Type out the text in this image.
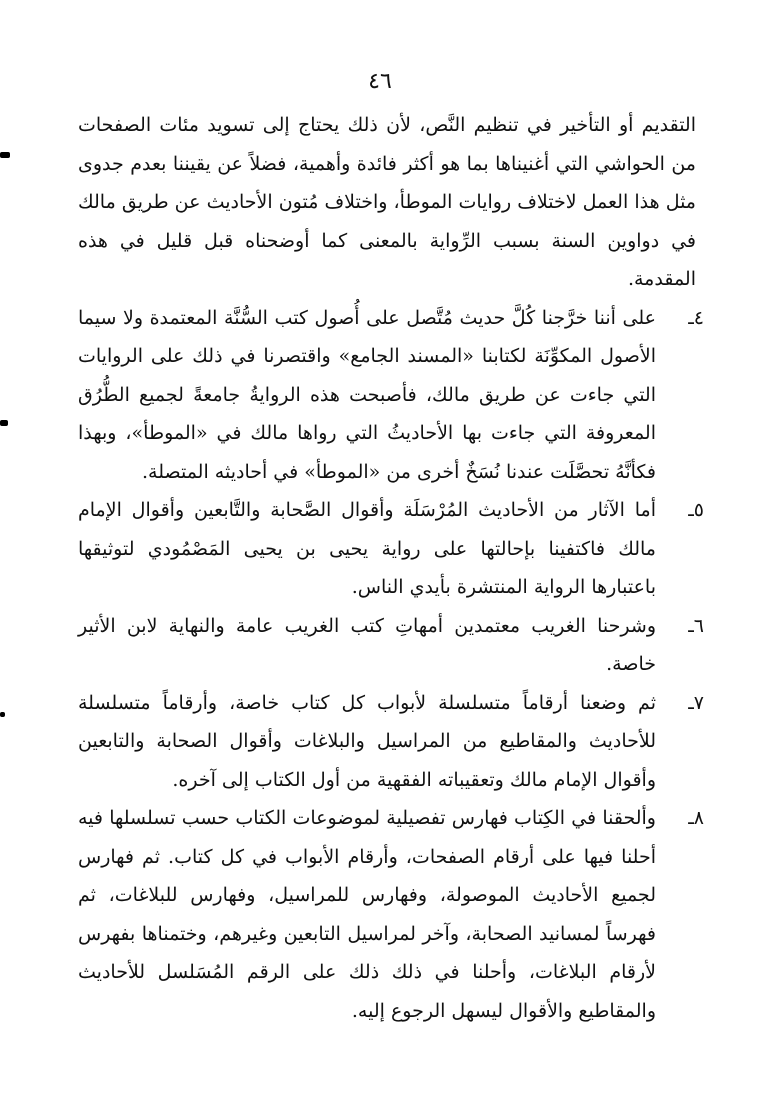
٤٦

التقديم أو التأخير في تنظيم النَّص، لأن ذلك يحتاج إلى تسويد مئات الصفحات من الحواشي التي أغنيناها بما هو أكثر فائدة وأهمية، فضلاً عن يقيننا بعدم جدوى مثل هذا العمل لاختلاف روايات الموطأ، واختلاف مُتون الأحاديث عن طريق مالك في دواوين السنة بسبب الرِّواية بالمعنى كما أوضحناه قبل قليل في هذه المقدمة.

٤ـ
على أننا خرَّجنا كُلَّ حديث مُتَّصل على أُصول كتب السُّنَّة المعتمدة ولا سيما الأصول المكوِّنَة لكتابنا «المسند الجامع» واقتصرنا في ذلك على الروايات التي جاءت عن طريق مالك، فأصبحت هذه الروايةُ جامعةً لجميع الطُّرُق المعروفة التي جاءت بها الأحاديثُ التي رواها مالك في «الموطأ»، وبهذا فكأنَّهُ تحصَّلَت عندنا نُسَخٌ أخرى من «الموطأ» في أحاديثه المتصلة.
٥ـ
أما الآثار من الأحاديث المُرْسَلَة وأقوال الصَّحابة والتَّابعين وأقوال الإمام مالك فاكتفينا بإحالتها على رواية يحيى بن يحيى المَصْمُودي لتوثيقها باعتبارها الرواية المنتشرة بأيدي الناس.
٦ـ
وشرحنا الغريب معتمدين أمهاتِ كتب الغريب عامة والنهاية لابن الأثير خاصة.
٧ـ
ثم وضعنا أرقاماً متسلسلة لأبواب كل كتاب خاصة، وأرقاماً متسلسلة للأحاديث والمقاطيع من المراسيل والبلاغات وأقوال الصحابة والتابعين وأقوال الإمام مالك وتعقيباته الفقهية من أول الكتاب إلى آخره.
٨ـ
وألحقنا في الكِتاب فهارس تفصيلية لموضوعات الكتاب حسب تسلسلها فيه أحلنا فيها على أرقام الصفحات، وأرقام الأبواب في كل كتاب. ثم فهارس لجميع الأحاديث الموصولة، وفهارس للمراسيل، وفهارس للبلاغات، ثم فهرساً لمسانيد الصحابة، وآخر لمراسيل التابعين وغيرهم، وختمناها بفهرس لأرقام البلاغات، وأحلنا في ذلك ذلك على الرقم المُسَلسل للأحاديث والمقاطيع والأقوال ليسهل الرجوع إليه.
